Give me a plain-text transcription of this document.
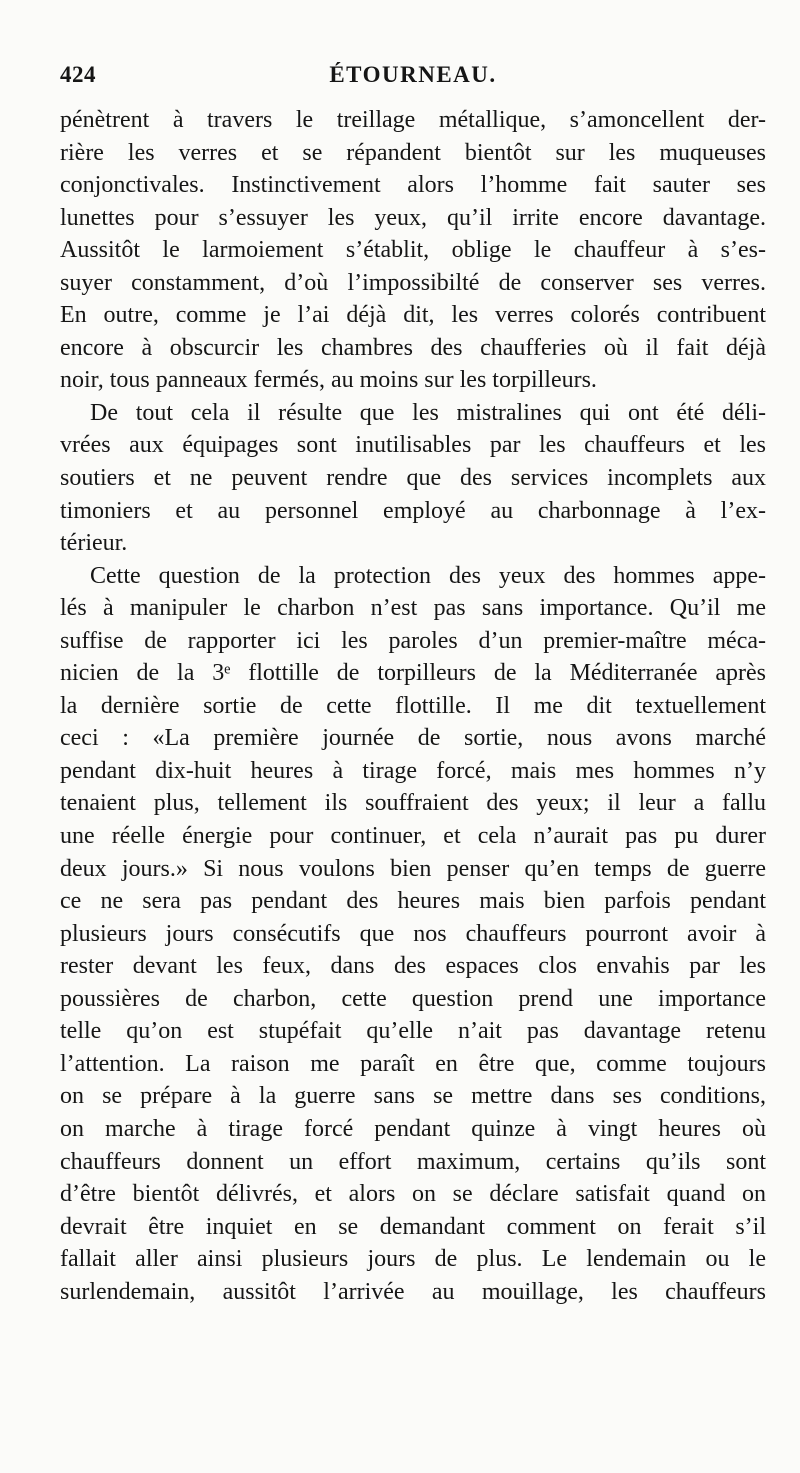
424	ÉTOURNEAU.
pénètrent à travers le treillage métallique, s’amoncellent der-
rière les verres et se répandent bientôt sur les muqueuses
conjonctivales. Instinctivement alors l’homme fait sauter ses
lunettes pour s’essuyer les yeux, qu’il irrite encore davantage.
Aussitôt le larmoiement s’établit, oblige le chauffeur à s’es-
suyer constamment, d’où l’impossibilté de conserver ses verres.
En outre, comme je l’ai déjà dit, les verres colorés contribuent
encore à obscurcir les chambres des chaufferies où il fait déjà
noir, tous panneaux fermés, au moins sur les torpilleurs.
De tout cela il résulte que les mistralines qui ont été déli-
vrées aux équipages sont inutilisables par les chauffeurs et les
soutiers et ne peuvent rendre que des services incomplets aux
timoniers et au personnel employé au charbonnage à l’ex-
térieur.
Cette question de la protection des yeux des hommes appe-
lés à manipuler le charbon n’est pas sans importance. Qu’il me
suffise de rapporter ici les paroles d’un premier-maître méca-
nicien de la 3ᵉ flottille de torpilleurs de la Méditerranée après
la dernière sortie de cette flottille. Il me dit textuellement
ceci : «La première journée de sortie, nous avons marché
pendant dix-huit heures à tirage forcé, mais mes hommes n’y
tenaient plus, tellement ils souffraient des yeux; il leur a fallu
une réelle énergie pour continuer, et cela n’aurait pas pu durer
deux jours.» Si nous voulons bien penser qu’en temps de guerre
ce ne sera pas pendant des heures mais bien parfois pendant
plusieurs jours consécutifs que nos chauffeurs pourront avoir à
rester devant les feux, dans des espaces clos envahis par les
poussières de charbon, cette question prend une importance
telle qu’on est stupéfait qu’elle n’ait pas davantage retenu
l’attention. La raison me paraît en être que, comme toujours
on se prépare à la guerre sans se mettre dans ses conditions,
on marche à tirage forcé pendant quinze à vingt heures où
chauffeurs donnent un effort maximum, certains qu’ils sont
d’être bientôt délivrés, et alors on se déclare satisfait quand on
devrait être inquiet en se demandant comment on ferait s’il
fallait aller ainsi plusieurs jours de plus. Le lendemain ou le
surlendemain, aussitôt l’arrivée au mouillage, les chauffeurs
